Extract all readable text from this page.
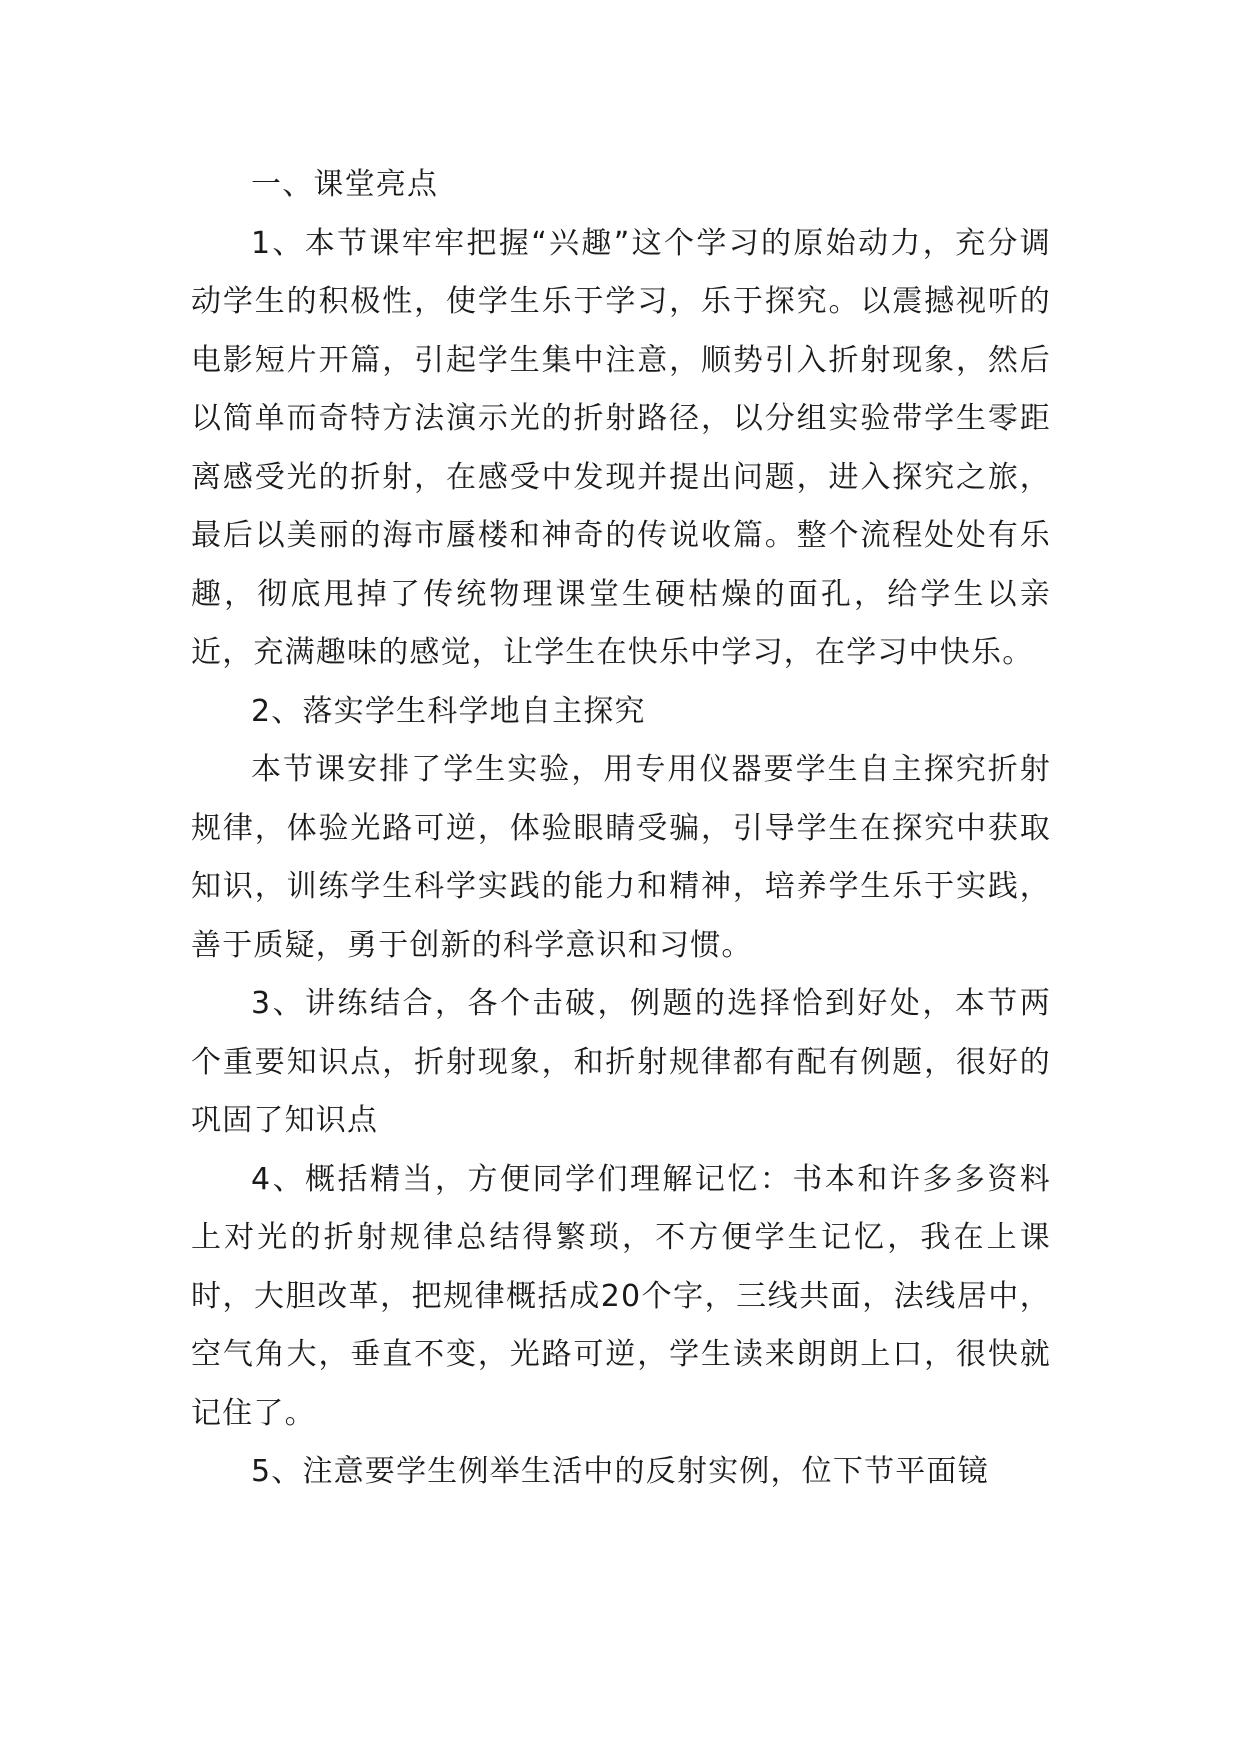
一、课堂亮点

1、本节课牢牢把握“兴趣”这个学习的原始动力，充分调动学生的积极性，使学生乐于学习，乐于探究。以震撼视听的电影短片开篇，引起学生集中注意，顺势引入折射现象，然后以简单而奇特方法演示光的折射路径，以分组实验带学生零距离感受光的折射，在感受中发现并提出问题，进入探究之旅，最后以美丽的海市蜃楼和神奇的传说收篇。整个流程处处有乐趣，彻底甩掉了传统物理课堂生硬枯燥的面孔，给学生以亲近，充满趣味的感觉，让学生在快乐中学习，在学习中快乐。

2、落实学生科学地自主探究

本节课安排了学生实验，用专用仪器要学生自主探究折射规律，体验光路可逆，体验眼睛受骗，引导学生在探究中获取知识，训练学生科学实践的能力和精神，培养学生乐于实践，善于质疑，勇于创新的科学意识和习惯。

3、讲练结合，各个击破，例题的选择恰到好处，本节两个重要知识点，折射现象，和折射规律都有配有例题，很好的巩固了知识点

4、概括精当，方便同学们理解记忆：书本和许多多资料上对光的折射规律总结得繁琐，不方便学生记忆，我在上课时，大胆改革，把规律概括成20个字，三线共面，法线居中，空气角大，垂直不变，光路可逆，学生读来朗朗上口，很快就记住了。

5、注意要学生例举生活中的反射实例，位下节平面镜
